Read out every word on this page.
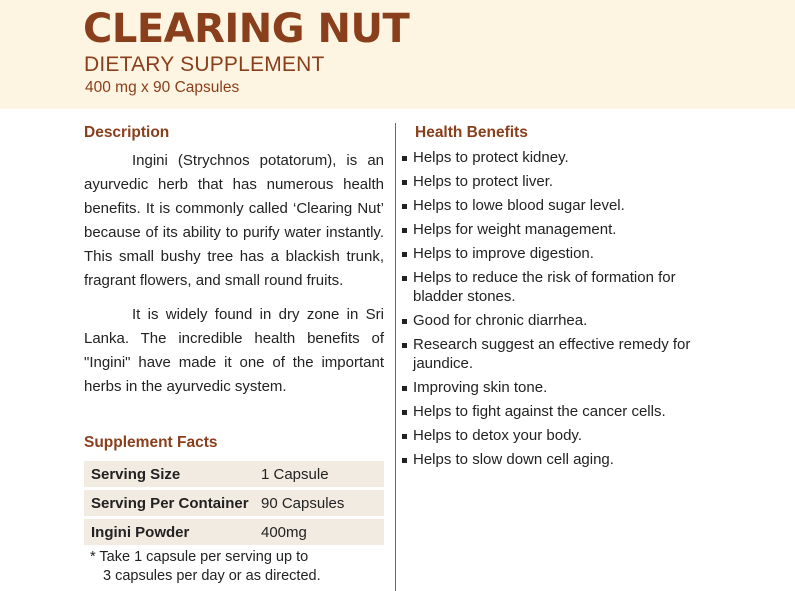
CLEARING NUT
DIETARY SUPPLEMENT
400 mg x 90 Capsules
Description

Ingini (Strychnos potatorum), is an ayurvedic herb that has numerous health benefits. It is commonly called ‘Clearing Nut’ because of its ability to purify water instantly. This small bushy tree has a blackish trunk, fragrant flowers, and small round fruits.

It is widely found in dry zone in Sri Lanka. The incredible health benefits of "Ingini" have made it one of the important herbs in the ayurvedic system.

Supplement Facts
Serving Size	1 Capsule
Serving Per Container	90 Capsules
Ingini Powder	400mg
* Take 1 capsule per serving up to
3 capsules per day or as directed.
Health Benefits
Helps to protect kidney.
Helps to protect liver.
Helps to lowe blood sugar level.
Helps for weight management.
Helps to improve digestion.
Helps to reduce the risk of formation for bladder stones.
Good for chronic diarrhea.
Research suggest an effective remedy for jaundice.
Improving skin tone.
Helps to fight against the cancer cells.
Helps to detox your body.
Helps to slow down cell aging.
